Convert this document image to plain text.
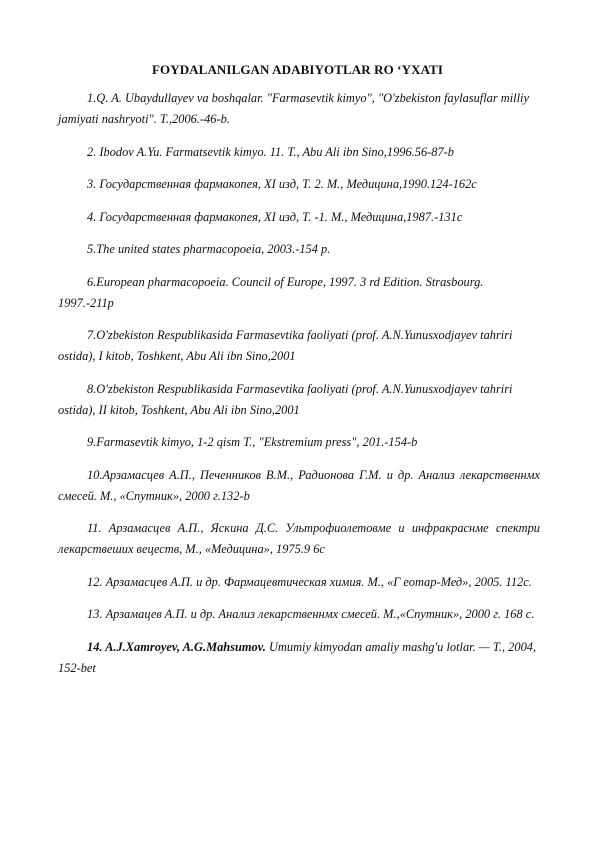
FOYDALANILGAN ADABIYOTLAR RO ‘YXATI

1.Q. A. Ubaydullayev va boshqalar. "Farmasevtik kimyo", "O'zbekiston faylasuflar milliy jamiyati nashryoti". T.,2006.-46-b.

2. Ibodov A.Yu. Farmatsevtik kimyo. 11. T., Abu Ali ibn Sino,1996.56-87-b

3. Государственная фармакопея, XI изд, Т. 2. М., Медицина,1990.124-162с

4. Государственная фармакопея, XI изд, Т. -1. М., Медицина,1987.-131с

5.The united states pharmacopoeia, 2003.-154 p.

6.European pharmacopoeia. Council of Europe, 1997. 3 rd Edition. Strasbourg. 1997.-211p

7.O'zbekiston Respublikasida Farmasevtika faoliyati (prof. A.N.Yunusxodjayev tahriri ostida), I kitob, Toshkent, Abu Ali ibn Sino,2001

8.O'zbekiston Respublikasida Farmasevtika faoliyati (prof. A.N.Yunusxodjayev tahriri ostida), II kitob, Toshkent, Abu Ali ibn Sino,2001

9.Farmasevtik kimyo, 1-2 qism T., "Ekstremium press", 201.-154-b

10.Арзамасцев А.П., Печенников В.М., Радионова Г.М. и др. Анализ лекарственнмх смесей. М., «Спутник», 2000 г.132-b

11. Арзамасцев А.П., Яскина Д.С. Ультрофиолетовме и инфракраснме спектри лекарствеших вецеств, М., «Медицина», 1975.9 6с

12. Арзамасцев А.П. и др. Фармацевтическая химия. М., «Г еотар-Мед», 2005. 112с.

13. Арзамацев А.П. и др. Анализ лекарственнмх смесей. М.,«Спутник», 2000 г. 168 с.

14. A.J.Xamroyev, A.G.Mahsumov. Umumiy kimyodan amaliy mashg'u lotlar. — T., 2004, 152-bet
